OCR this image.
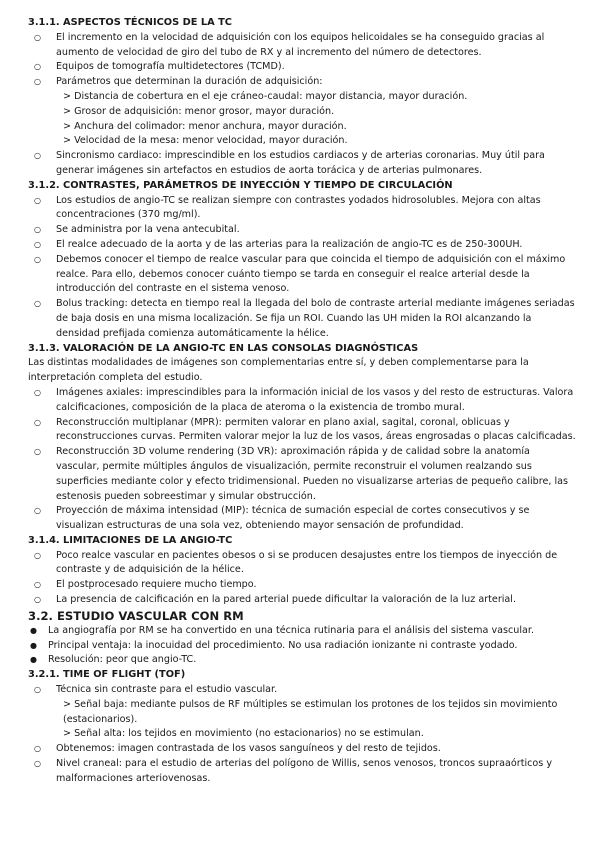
3.1.1. ASPECTOS TÉCNICOS DE LA TC
○ El incremento en la velocidad de adquisición con los equipos helicoidales se ha conseguido gracias al aumento de velocidad de giro del tubo de RX y al incremento del número de detectores.
○ Equipos de tomografía multidetectores (TCMD).
○ Parámetros que determinan la duración de adquisición:
> Distancia de cobertura en el eje cráneo-caudal: mayor distancia, mayor duración.
> Grosor de adquisición: menor grosor, mayor duración.
> Anchura del colimador: menor anchura, mayor duración.
> Velocidad de la mesa: menor velocidad, mayor duración.
○ Sincronismo cardiaco: imprescindible en los estudios cardiacos y de arterias coronarias. Muy útil para generar imágenes sin artefactos en estudios de aorta torácica y de arterias pulmonares.
3.1.2. CONTRASTES, PARÁMETROS DE INYECCIÓN Y TIEMPO DE CIRCULACIÓN
○ Los estudios de angio-TC se realizan siempre con contrastes yodados hidrosolubles. Mejora con altas concentraciones (370 mg/ml).
○ Se administra por la vena antecubital.
○ El realce adecuado de la aorta y de las arterias para la realización de angio-TC es de 250-300UH.
○ Debemos conocer el tiempo de realce vascular para que coincida el tiempo de adquisición con el máximo realce. Para ello, debemos conocer cuánto tiempo se tarda en conseguir el realce arterial desde la introducción del contraste en el sistema venoso.
○ Bolus tracking: detecta en tiempo real la llegada del bolo de contraste arterial mediante imágenes seriadas de baja dosis en una misma localización. Se fija un ROI. Cuando las UH miden la ROI alcanzando la densidad prefijada comienza automáticamente la hélice.
3.1.3. VALORACIÓN DE LA ANGIO-TC EN LAS CONSOLAS DIAGNÓSTICAS

Las distintas modalidades de imágenes son complementarias entre sí, y deben complementarse para la interpretación completa del estudio.

○ Imágenes axiales: imprescindibles para la información inicial de los vasos y del resto de estructuras. Valora calcificaciones, composición de la placa de ateroma o la existencia de trombo mural.
○ Reconstrucción multiplanar (MPR): permiten valorar en plano axial, sagital, coronal, oblicuas y reconstrucciones curvas. Permiten valorar mejor la luz de los vasos, áreas engrosadas o placas calcificadas.
○ Reconstrucción 3D volume rendering (3D VR): aproximación rápida y de calidad sobre la anatomía vascular, permite múltiples ángulos de visualización, permite reconstruir el volumen realzando sus superficies mediante color y efecto tridimensional. Pueden no visualizarse arterias de pequeño calibre, las estenosis pueden sobreestimar y simular obstrucción.
○ Proyección de máxima intensidad (MIP): técnica de sumación especial de cortes consecutivos y se visualizan estructuras de una sola vez, obteniendo mayor sensación de profundidad.
3.1.4. LIMITACIONES DE LA ANGIO-TC
○ Poco realce vascular en pacientes obesos o si se producen desajustes entre los tiempos de inyección de contraste y de adquisición de la hélice.
○ El postprocesado requiere mucho tiempo.
○ La presencia de calcificación en la pared arterial puede dificultar la valoración de la luz arterial.
3.2. ESTUDIO VASCULAR CON RM
● La angiografía por RM se ha convertido en una técnica rutinaria para el análisis del sistema vascular.
● Principal ventaja: la inocuidad del procedimiento. No usa radiación ionizante ni contraste yodado.
● Resolución: peor que angio-TC.
3.2.1. TIME OF FLIGHT (TOF)
○ Técnica sin contraste para el estudio vascular.
> Señal baja: mediante pulsos de RF múltiples se estimulan los protones de los tejidos sin movimiento (estacionarios).
> Señal alta: los tejidos en movimiento (no estacionarios) no se estimulan.
○ Obtenemos: imagen contrastada de los vasos sanguíneos y del resto de tejidos.
○ Nivel craneal: para el estudio de arterias del polígono de Willis, senos venosos, troncos supraaórticos y malformaciones arteriovenosas.
